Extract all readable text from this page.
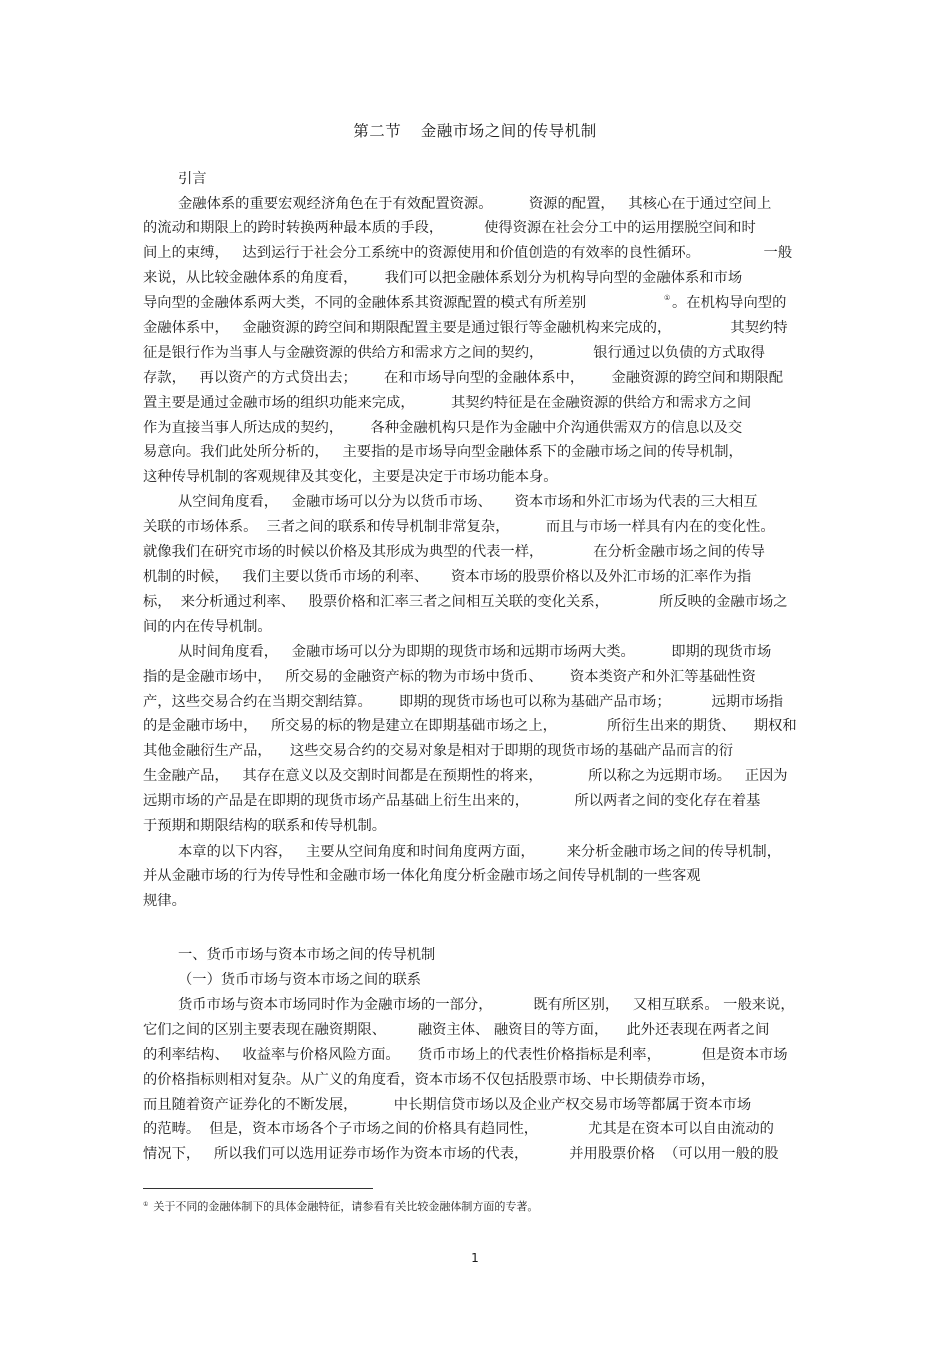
第二节 金融市场之间的传导机制
引言
金融体系的重要宏观经济角色在于有效配置资源。        资源的配置，   其核心在于通过空间上
的流动和期限上的跨时转换两种最本质的手段，         使得资源在社会分工中的运用摆脱空间和时
间上的束缚，   达到运行于社会分工系统中的资源使用和价值创造的有效率的良性循环。              一般
来说，从比较金融体系的角度看，      我们可以把金融体系划分为机构导向型的金融体系和市场
导向型的金融体系两大类，不同的金融体系其资源配置的模式有所差别	① 。在机构导向型的
金融体系中，   金融资源的跨空间和期限配置主要是通过银行等金融机构来完成的，             其契约特
征是银行作为当事人与金融资源的供给方和需求方之间的契约，           银行通过以负债的方式取得
存款，   再以资产的方式贷出去；      在和市场导向型的金融体系中，      金融资源的跨空间和期限配
置主要是通过金融市场的组织功能来完成，        其契约特征是在金融资源的供给方和需求方之间
作为直接当事人所达成的契约，      各种金融机构只是作为金融中介沟通供需双方的信息以及交
易意向。我们此处所分析的，   主要指的是市场导向型金融体系下的金融市场之间的传导机制，
这种传导机制的客观规律及其变化，主要是决定于市场功能本身。
从空间角度看，   金融市场可以分为以货币市场、     资本市场和外汇市场为代表的三大相互
关联的市场体系。  三者之间的联系和传导机制非常复杂，        而且与市场一样具有内在的变化性。
就像我们在研究市场的时候以价格及其形成为典型的代表一样，           在分析金融市场之间的传导
机制的时候，   我们主要以货币市场的利率、     资本市场的股票价格以及外汇市场的汇率作为指
标，  来分析通过利率、   股票价格和汇率三者之间相互关联的变化关系，           所反映的金融市场之
间的内在传导机制。
从时间角度看，   金融市场可以分为即期的现货市场和远期市场两大类。        即期的现货市场
指的是金融市场中，   所交易的金融资产标的物为市场中货币、      资本类资产和外汇等基础性资
产，这些交易合约在当期交割结算。      即期的现货市场也可以称为基础产品市场；         远期市场指
的是金融市场中，   所交易的标的物是建立在即期基础市场之上，           所衍生出来的期货、    期权和
其他金融衍生产品，    这些交易合约的交易对象是相对于即期的现货市场的基础产品而言的衍
生金融产品，   其存在意义以及交割时间都是在预期性的将来，          所以称之为远期市场。   正因为
远期市场的产品是在即期的现货市场产品基础上衍生出来的，          所以两者之间的变化存在着基
于预期和期限结构的联系和传导机制。
本章的以下内容，   主要从空间角度和时间角度两方面，       来分析金融市场之间的传导机制，
并从金融市场的行为传导性和金融市场一体化角度分析金融市场之间传导机制的一些客观
规律。
一、货币市场与资本市场之间的传导机制
（一）货币市场与资本市场之间的联系
货币市场与资本市场同时作为金融市场的一部分，         既有所区别，   又相互联系。 一般来说，
它们之间的区别主要表现在融资期限、       融资主体、 融资目的等方面，    此外还表现在两者之间
的利率结构、   收益率与价格风险方面。    货币市场上的代表性价格指标是利率，         但是资本市场
的价格指标则相对复杂。从广义的角度看，资本市场不仅包括股票市场、中长期债券市场，
而且随着资产证券化的不断发展，        中长期信贷市场以及企业产权交易市场等都属于资本市场
的范畴。  但是，资本市场各个子市场之间的价格具有趋同性，           尤其是在资本可以自由流动的
情况下，   所以我们可以选用证券市场作为资本市场的代表，         并用股票价格  （可以用一般的股
① 关于不同的金融体制下的具体金融特征，请参看有关比较金融体制方面的专著。
1
